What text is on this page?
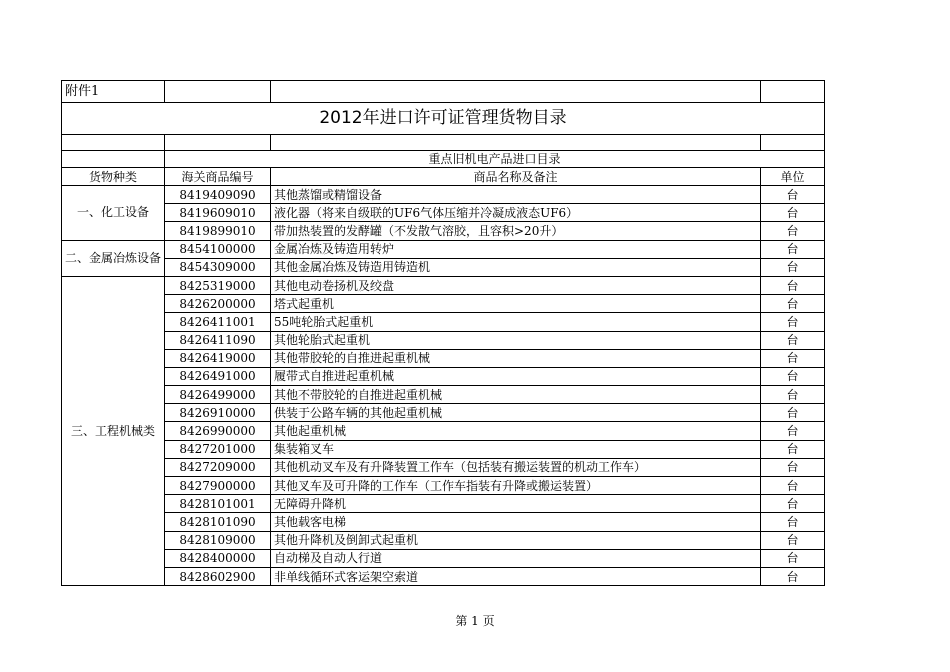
附件1			
2012年进口许可证管理货物目录			

	重点旧机电产品进口目录		
货物种类	海关商品编号	商品名称及备注	单位
一、化工设备	8419409090	其他蒸馏或精馏设备	台
	8419609010	液化器（将来自级联的UF6气体压缩并冷凝成液态UF6）	台
	8419899010	带加热装置的发酵罐（不发散气溶胶，且容积>20升）	台
二、金属冶炼设备	8454100000	金属冶炼及铸造用转炉	台
	8454309000	其他金属冶炼及铸造用铸造机	台
三、工程机械类	8425319000	其他电动卷扬机及绞盘	台
	8426200000	塔式起重机	台
	8426411001	55吨轮胎式起重机	台
	8426411090	其他轮胎式起重机	台
	8426419000	其他带胶轮的自推进起重机械	台
	8426491000	履带式自推进起重机械	台
	8426499000	其他不带胶轮的自推进起重机械	台
	8426910000	供装于公路车辆的其他起重机械	台
	8426990000	其他起重机械	台
	8427201000	集装箱叉车	台
	8427209000	其他机动叉车及有升降装置工作车（包括装有搬运装置的机动工作车）	台
	8427900000	其他叉车及可升降的工作车（工作车指装有升降或搬运装置）	台
	8428101001	无障碍升降机	台
	8428101090	其他载客电梯	台
	8428109000	其他升降机及倒卸式起重机	台
	8428400000	自动梯及自动人行道	台
	8428602900	非单线循环式客运架空索道	台
第 1 页
